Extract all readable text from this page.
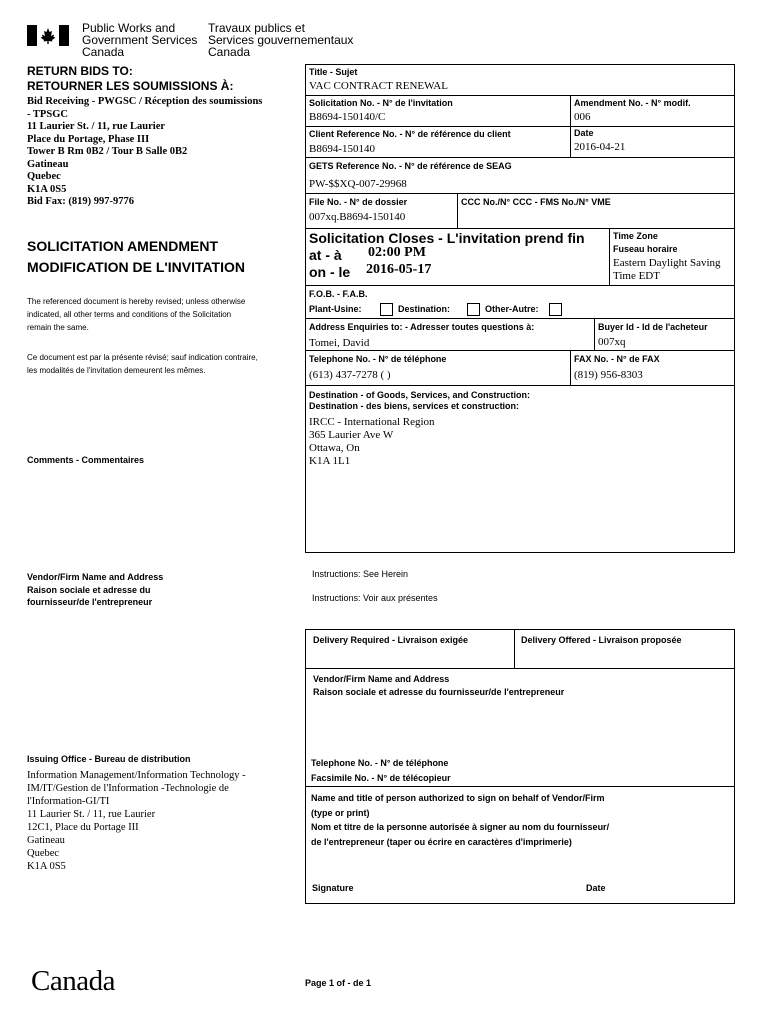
Public Works and
Government Services
Canada
Travaux publics et
Services gouvernementaux
Canada
RETURN BIDS TO:
RETOURNER LES SOUMISSIONS À:
Bid Receiving - PWGSC / Réception des soumissions
- TPSGC
11 Laurier St. / 11, rue Laurier
Place du Portage, Phase III
Tower B Rm 0B2 / Tour B Salle 0B2
Gatineau
Quebec
K1A 0S5
Bid Fax: (819) 997-9776
SOLICITATION AMENDMENT
MODIFICATION DE L'INVITATION
The referenced document is hereby revised; unless otherwise
indicated, all other terms and conditions of the Solicitation
remain the same.
Ce document est par la présente révisé; sauf indication contraire,
les modalités de l'invitation demeurent les mêmes.
Comments - Commentaires
Vendor/Firm Name and Address
Raison sociale et adresse du
fournisseur/de l'entrepreneur
Issuing Office - Bureau de distribution
Information Management/Information Technology -
IM/IT/Gestion de l'Information -Technologie de
l'Information-GI/TI
11 Laurier St. / 11, rue Laurier
12C1, Place du Portage III
Gatineau
Quebec
K1A 0S5
Title - Sujet
VAC CONTRACT RENEWAL
Solicitation No. - N° de l'invitation
B8694-150140/C
Amendment No. - N° modif.
006
Client Reference No. - N° de référence du client
B8694-150140
Date
2016-04-21
GETS Reference No. - N° de référence de SEAG
PW-$$XQ-007-29968
File No. - N° de dossier
007xq.B8694-150140
CCC No./N° CCC - FMS No./N° VME
Solicitation Closes - L'invitation prend fin
at - à 02:00 PM
on - le 2016-05-17
Time Zone
Fuseau horaire
Eastern Daylight Saving
Time EDT
F.O.B. - F.A.B.
Plant-Usine:	Destination:	Other-Autre:
Address Enquiries to: - Adresser toutes questions à:
Tomei, David
Buyer Id - Id de l'acheteur
007xq
Telephone No. - N° de téléphone
(613) 437-7278 ( )
FAX No. - N° de FAX
(819) 956-8303
Destination - of Goods, Services, and Construction:
Destination - des biens, services et construction:
IRCC - International Region
365 Laurier Ave W
Ottawa, On
K1A 1L1
Instructions: See Herein
Instructions: Voir aux présentes
Delivery Required - Livraison exigée	Delivery Offered - Livraison proposée
Vendor/Firm Name and Address
Raison sociale et adresse du fournisseur/de l'entrepreneur
Telephone No. - N° de téléphone
Facsimile No. - N° de télécopieur
Name and title of person authorized to sign on behalf of Vendor/Firm
(type or print)
Nom et titre de la personne autorisée à signer au nom du fournisseur/
de l'entrepreneur (taper ou écrire en caractères d'imprimerie)
Signature	Date
Canada	Page 1 of - de 1
